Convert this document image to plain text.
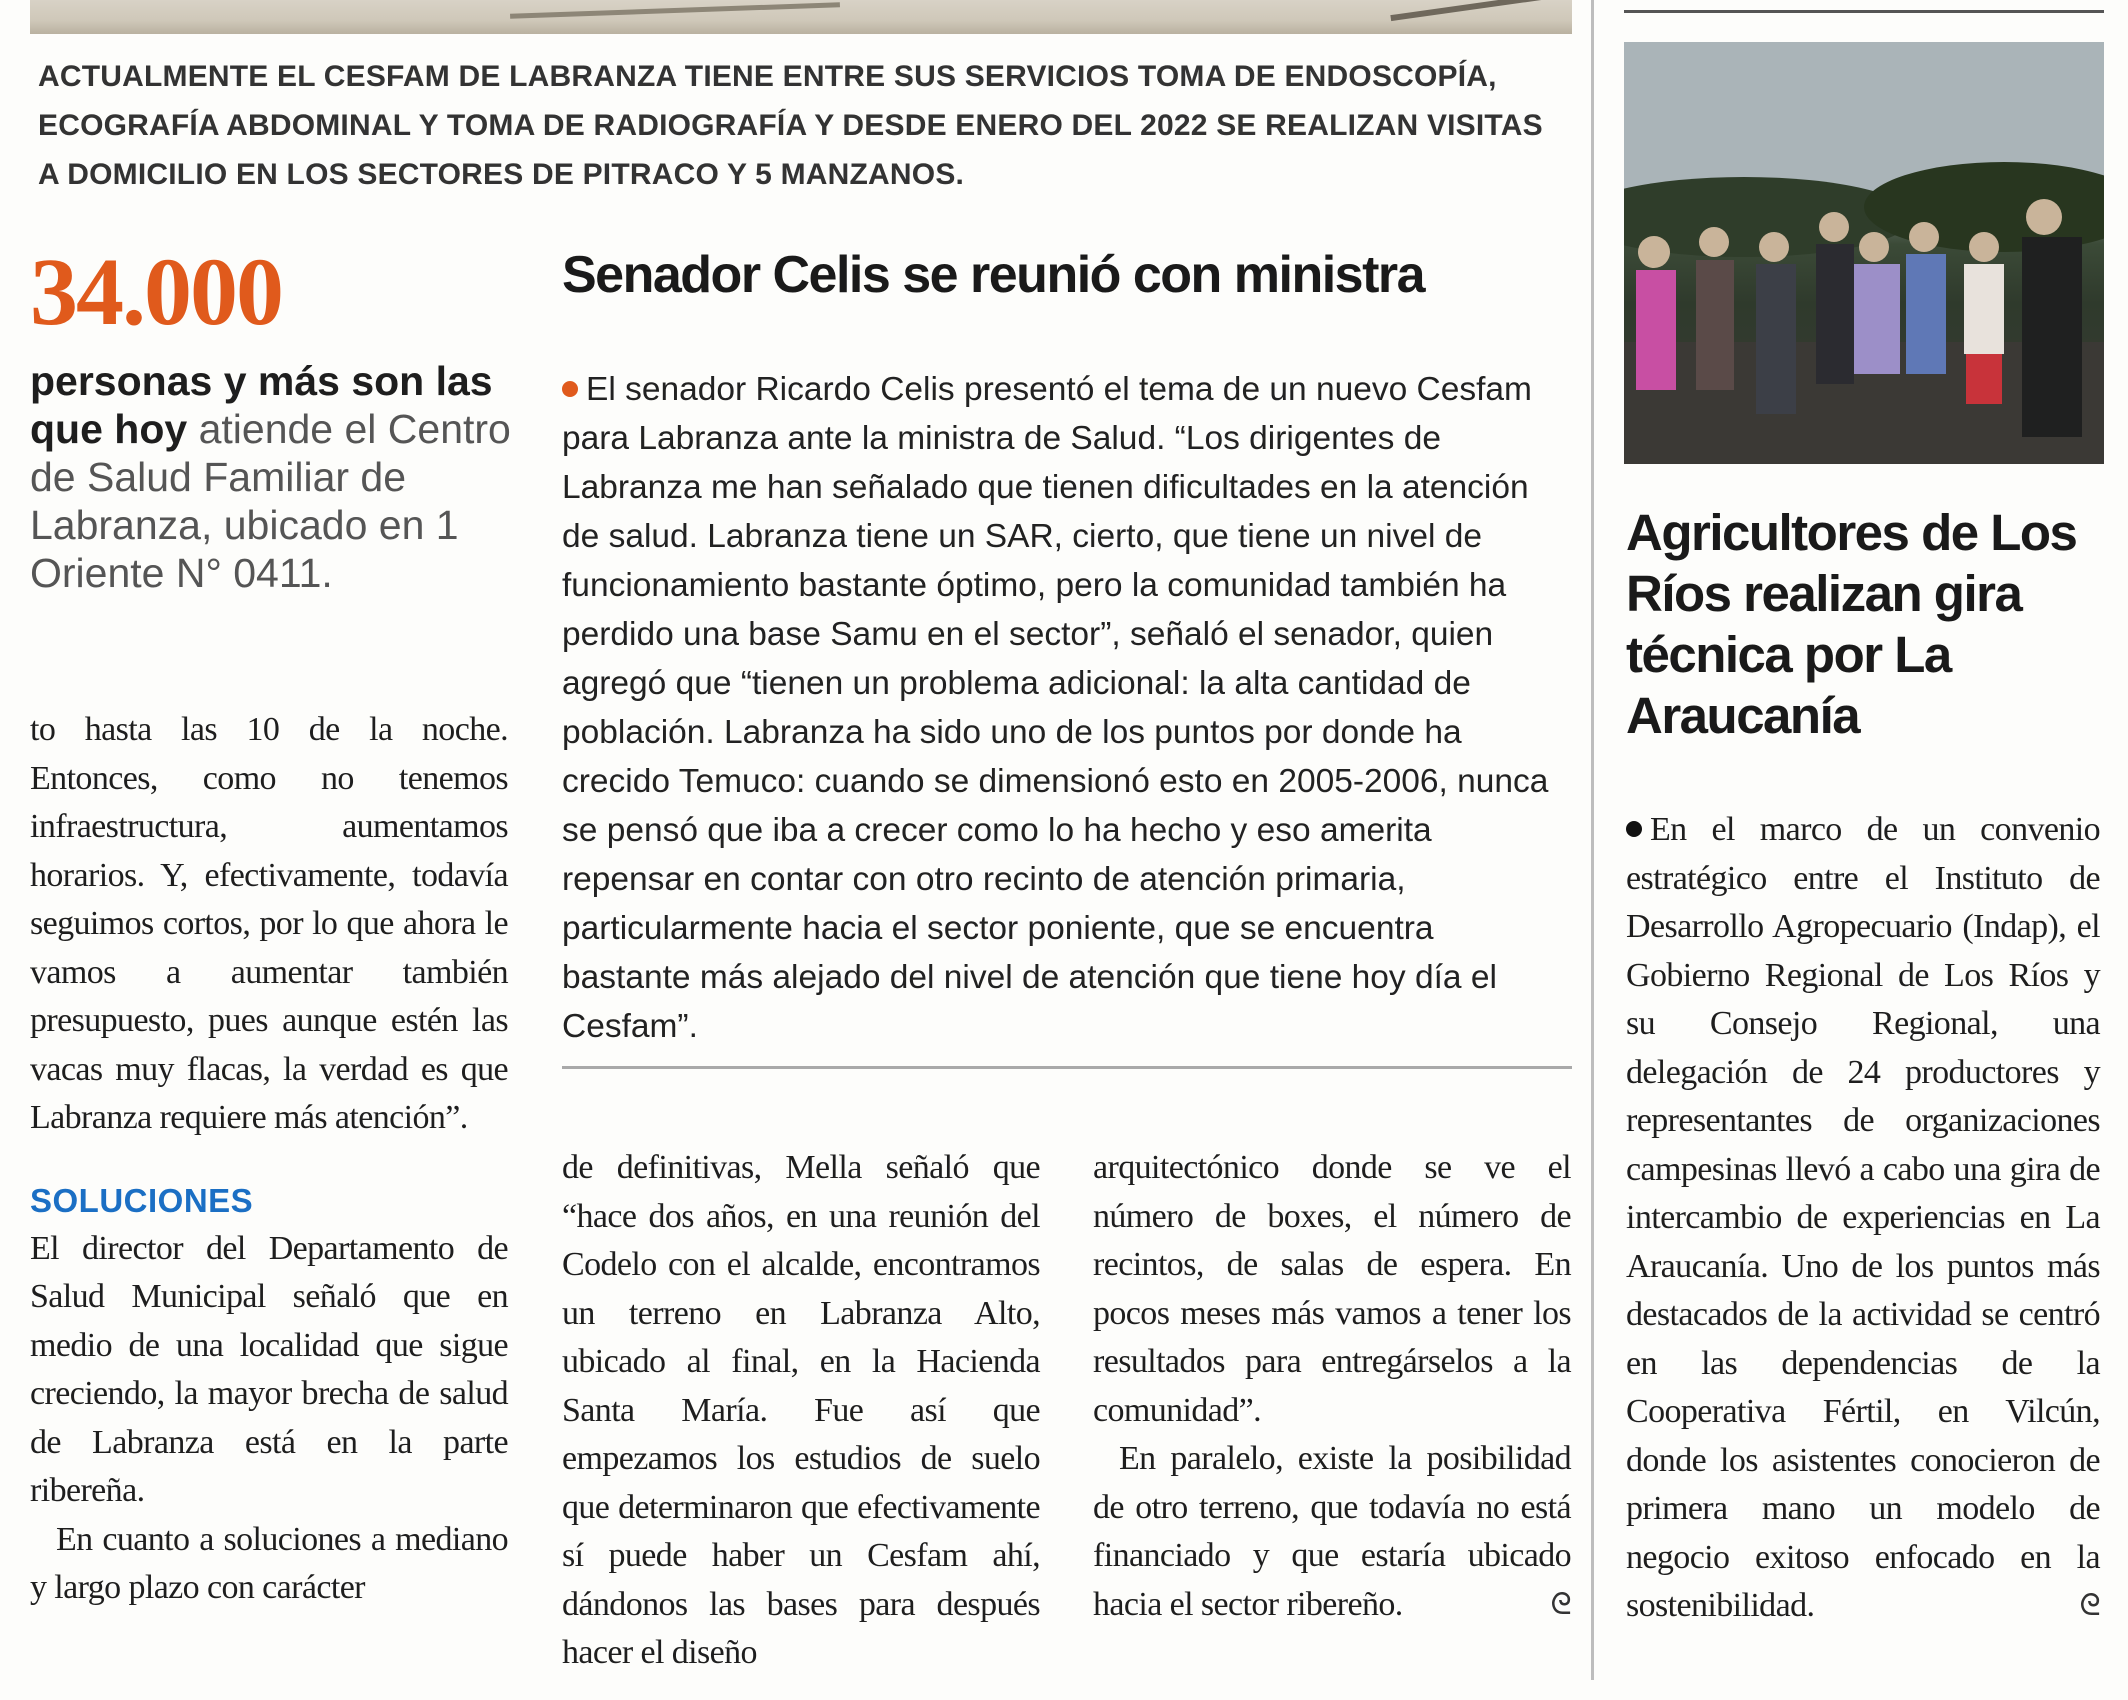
ACTUALMENTE EL CESFAM DE LABRANZA TIENE ENTRE SUS SERVICIOS TOMA DE ENDOSCOPÍA, ECOGRAFÍA ABDOMINAL Y TOMA DE RADIOGRAFÍA Y DESDE ENERO DEL 2022 SE REALIZAN VISITAS A DOMICILIO EN LOS SECTORES DE PITRACO Y 5 MANZANOS.
34.000
personas y más son las que hoy atiende el Centro de Salud Familiar de Labranza, ubicado en 1 Oriente N° 0411.
Senador Celis se reunió con ministra
El senador Ricardo Celis presentó el tema de un nuevo Cesfam para Labranza ante la ministra de Salud. “Los dirigentes de Labranza me han señalado que tienen dificultades en la atención de salud. Labranza tiene un SAR, cierto, que tiene un nivel de funcionamiento bastante óptimo, pero la comunidad también ha perdido una base Samu en el sector”, señaló el senador, quien agregó que “tienen un problema adicional: la alta cantidad de población. Labranza ha sido uno de los puntos por donde ha crecido Temuco: cuando se dimensionó esto en 2005-2006, nunca se pensó que iba a crecer como lo ha hecho y eso amerita repensar en contar con otro recinto de atención primaria, particularmente hacia el sector poniente, que se encuentra bastante más alejado del nivel de atención que tiene hoy día el Cesfam”.
to hasta las 10 de la noche. Entonces, como no tenemos infraestructura, aumentamos horarios. Y, efectivamente, todavía seguimos cortos, por lo que ahora le vamos a aumentar también presupuesto, pues aunque estén las vacas muy flacas, la verdad es que Labranza requiere más atención”.
SOLUCIONES
El director del Departamento de Salud Municipal señaló que en medio de una localidad que sigue creciendo, la mayor brecha de salud de Labranza está en la parte ribereña.
En cuanto a soluciones a mediano y largo plazo con carácter
de definitivas, Mella señaló que “hace dos años, en una reunión del Codelo con el alcalde, encontramos un terreno en Labranza Alto, ubicado al final, en la Hacienda Santa María. Fue así que empezamos los estudios de suelo que determinaron que efectivamente sí puede haber un Cesfam ahí, dándonos las bases para después hacer el diseño
arquitectónico donde se ve el número de boxes, el número de recintos, de salas de espera. En pocos meses más vamos a tener los resultados para entregárselos a la comunidad”.
En paralelo, existe la posibilidad de otro terreno, que todavía no está financiado y que estaría ubicado hacia el sector ribereño.	ᘓ
Agricultores de Los Ríos realizan gira técnica por La Araucanía
En el marco de un convenio estratégico entre el Instituto de Desarrollo Agropecuario (Indap), el Gobierno Regional de Los Ríos y su Consejo Regional, una delegación de 24 productores y representantes de organizaciones campesinas llevó a cabo una gira de intercambio de experiencias en La Araucanía. Uno de los puntos más destacados de la actividad se centró en las dependencias de la Cooperativa Fértil, en Vilcún, donde los asistentes conocieron de primera mano un modelo de negocio exitoso enfocado en la sostenibilidad.	ᘓ
